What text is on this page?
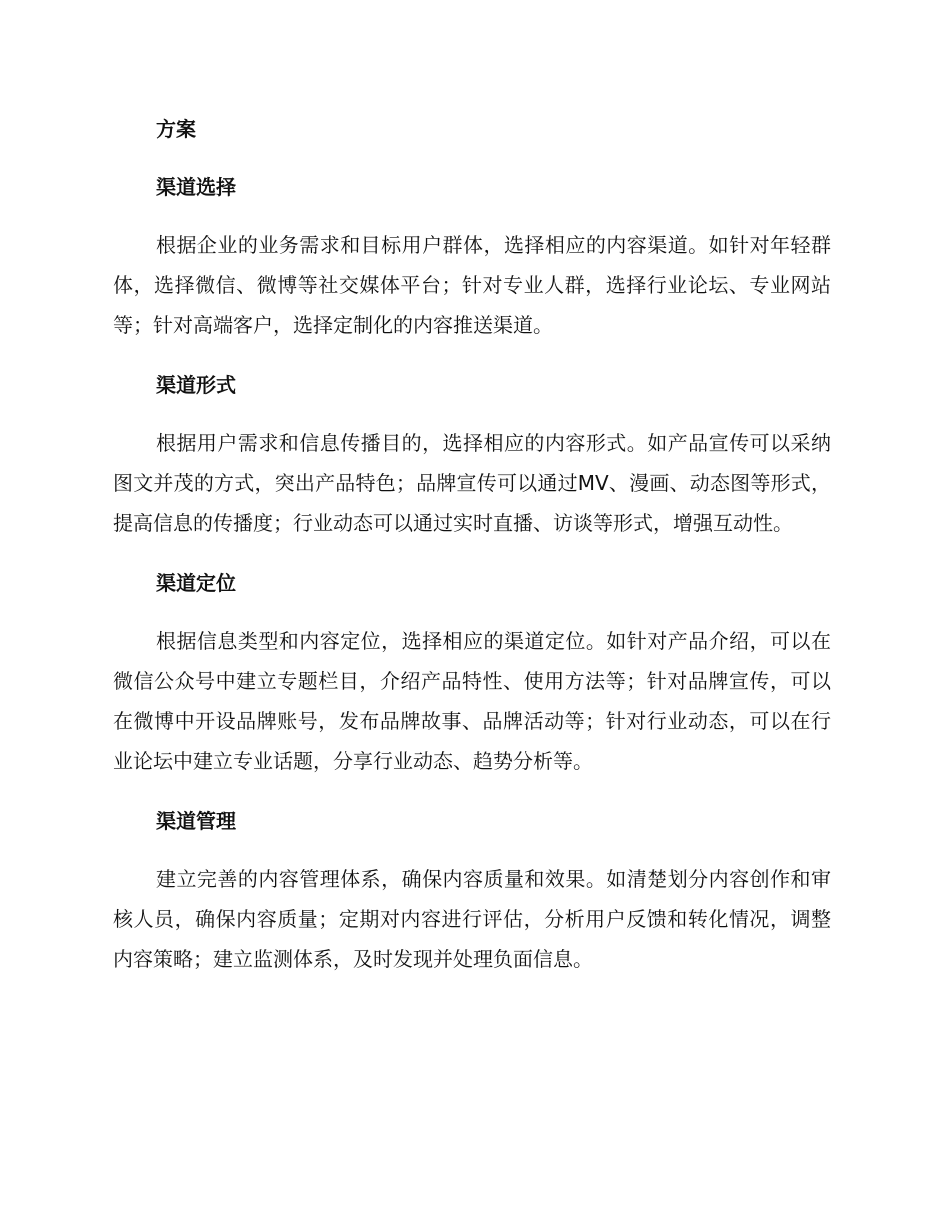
方案
渠道选择

根据企业的业务需求和目标用户群体，选择相应的内容渠道。如针对年轻群体，选择微信、微博等社交媒体平台；针对专业人群，选择行业论坛、专业网站等；针对高端客户，选择定制化的内容推送渠道。

渠道形式

根据用户需求和信息传播目的，选择相应的内容形式。如产品宣传可以采纳图文并茂的方式，突出产品特色；品牌宣传可以通过MV、漫画、动态图等形式，提高信息的传播度；行业动态可以通过实时直播、访谈等形式，增强互动性。

渠道定位

根据信息类型和内容定位，选择相应的渠道定位。如针对产品介绍，可以在微信公众号中建立专题栏目，介绍产品特性、使用方法等；针对品牌宣传，可以在微博中开设品牌账号，发布品牌故事、品牌活动等；针对行业动态，可以在行业论坛中建立专业话题，分享行业动态、趋势分析等。

渠道管理

建立完善的内容管理体系，确保内容质量和效果。如清楚划分内容创作和审核人员，确保内容质量；定期对内容进行评估，分析用户反馈和转化情况，调整内容策略；建立监测体系，及时发现并处理负面信息。
